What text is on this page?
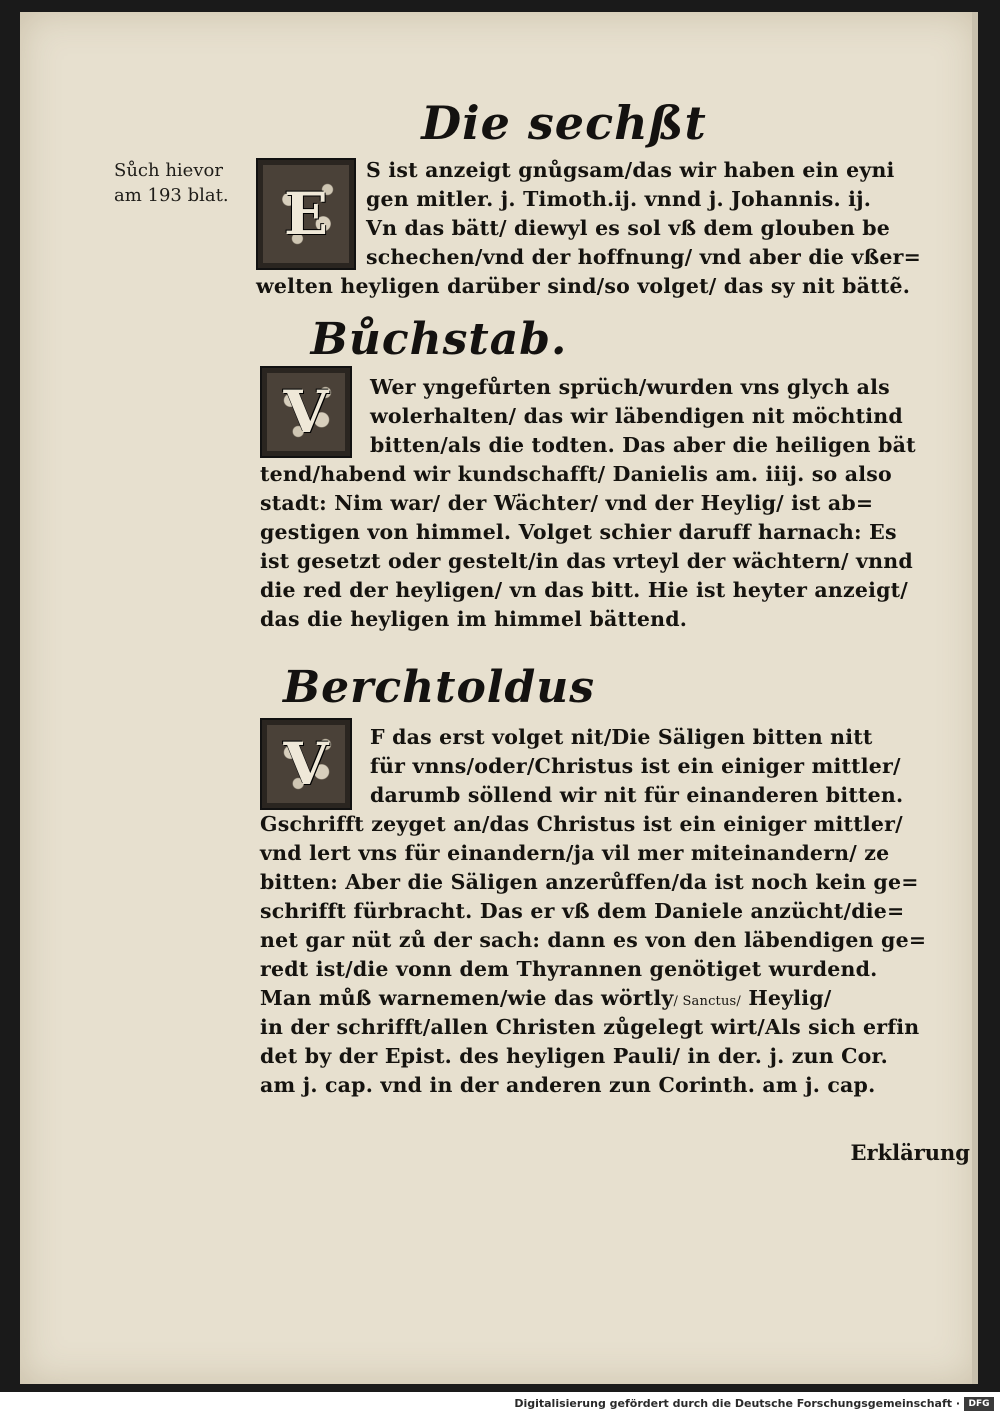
Die sechßt
Sůch hievor
am 193 blat. E
S ist anzeigt gnůgsam/das wir haben ein eyni
gen mitler. j. Timoth.ij. vnnd j. Johannis. ij.
Vn das bätt/ diewyl es sol vß dem glouben be
schechen/vnd der hoffnung/ vnd aber die vßer=
welten heyligen darüber sind/so volget/ das sy nit bättẽ.
Bůchstab.
V	Wer yngefůrten sprüch/wurden vns glych als
wolerhalten/ das wir läbendigen nit möchtind
bitten/als die todten. Das aber die heiligen bät
tend/habend wir kundschafft/ Danielis am. iiij. so also
stadt: Nim war/ der Wächter/ vnd der Heylig/ ist ab=
gestigen von himmel. Volget schier daruff harnach: Es
ist gesetzt oder gestelt/in das vrteyl der wächtern/ vnnd
die red der heyligen/ vn das bitt. Hie ist heyter anzeigt/
das die heyligen im himmel bättend.
Berchtoldus
V	F das erst volget nit/Die Säligen bitten nitt
für vnns/oder/Christus ist ein einiger mittler/
darumb söllend wir nit für einanderen bitten.
Gschrifft zeyget an/das Christus ist ein einiger mittler/
vnd lert vns für einandern/ja vil mer miteinandern/ ze
bitten: Aber die Säligen anzerůffen/da ist noch kein ge=
schrifft fürbracht. Das er vß dem Daniele anzücht/die=
net gar nüt zů der sach: dann es von den läbendigen ge=
redt ist/die vonn dem Thyrannen genötiget wurdend.
Man můß warnemen/wie das wörtly/ Sanctus/ Heylig/
in der schrifft/allen Christen zůgelegt wirt/Als sich erfin
det by der Epist. des heyligen Pauli/ in der. j. zun Cor.
am j. cap. vnd in der anderen zun Corinth. am j. cap.
Erklärung
Digitalisierung gefördert durch die Deutsche Forschungsgemeinschaft · DFG
